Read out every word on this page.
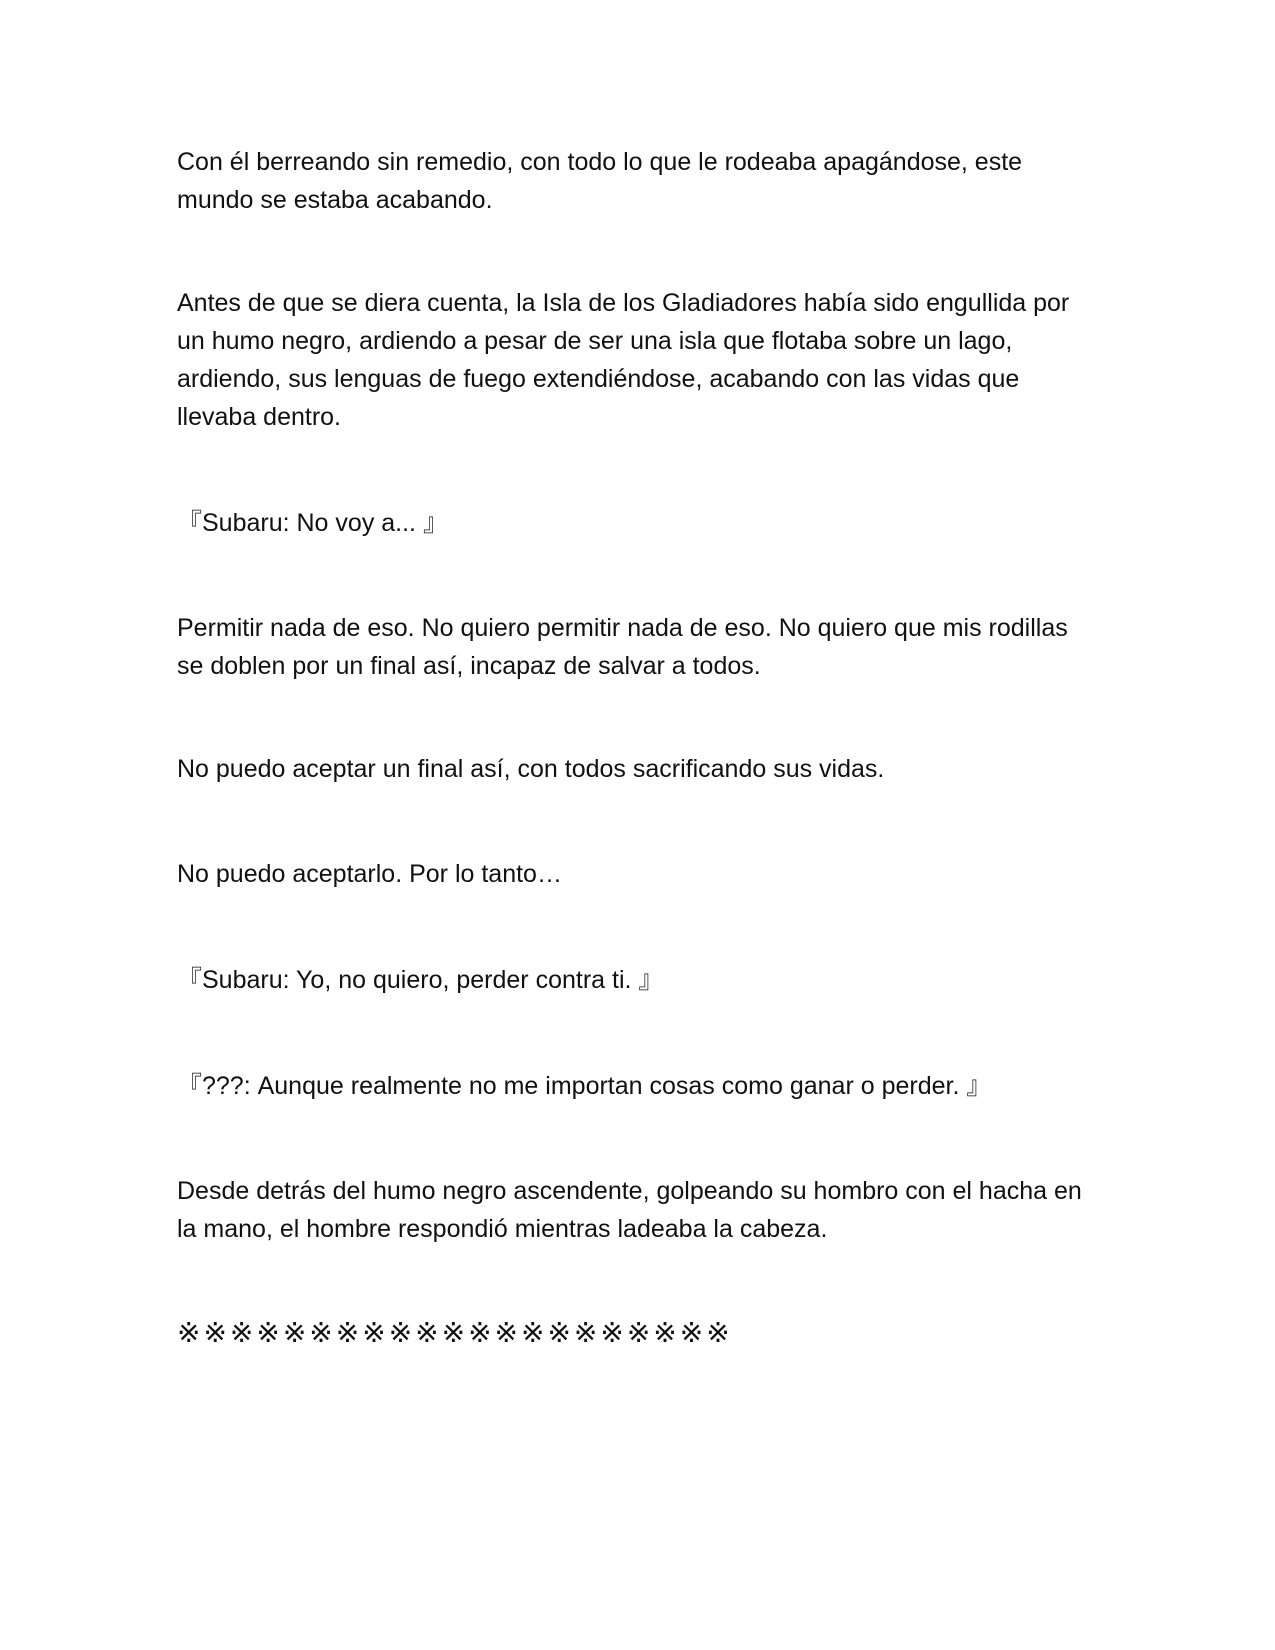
Con él berreando sin remedio, con todo lo que le rodeaba apagándose, este mundo se estaba acabando.

Antes de que se diera cuenta, la Isla de los Gladiadores había sido engullida por un humo negro, ardiendo a pesar de ser una isla que flotaba sobre un lago, ardiendo, sus lenguas de fuego extendiéndose, acabando con las vidas que llevaba dentro.

『Subaru: No voy a... 』

Permitir nada de eso. No quiero permitir nada de eso. No quiero que mis rodillas se doblen por un final así, incapaz de salvar a todos.

No puedo aceptar un final así, con todos sacrificando sus vidas.

No puedo aceptarlo. Por lo tanto…

『Subaru: Yo, no quiero, perder contra ti. 』

『???: Aunque realmente no me importan cosas como ganar o perder. 』

Desde detrás del humo negro ascendente, golpeando su hombro con el hacha en la mano, el hombre respondió mientras ladeaba la cabeza.

※※※※※※※※※※※※※※※※※※※※※
